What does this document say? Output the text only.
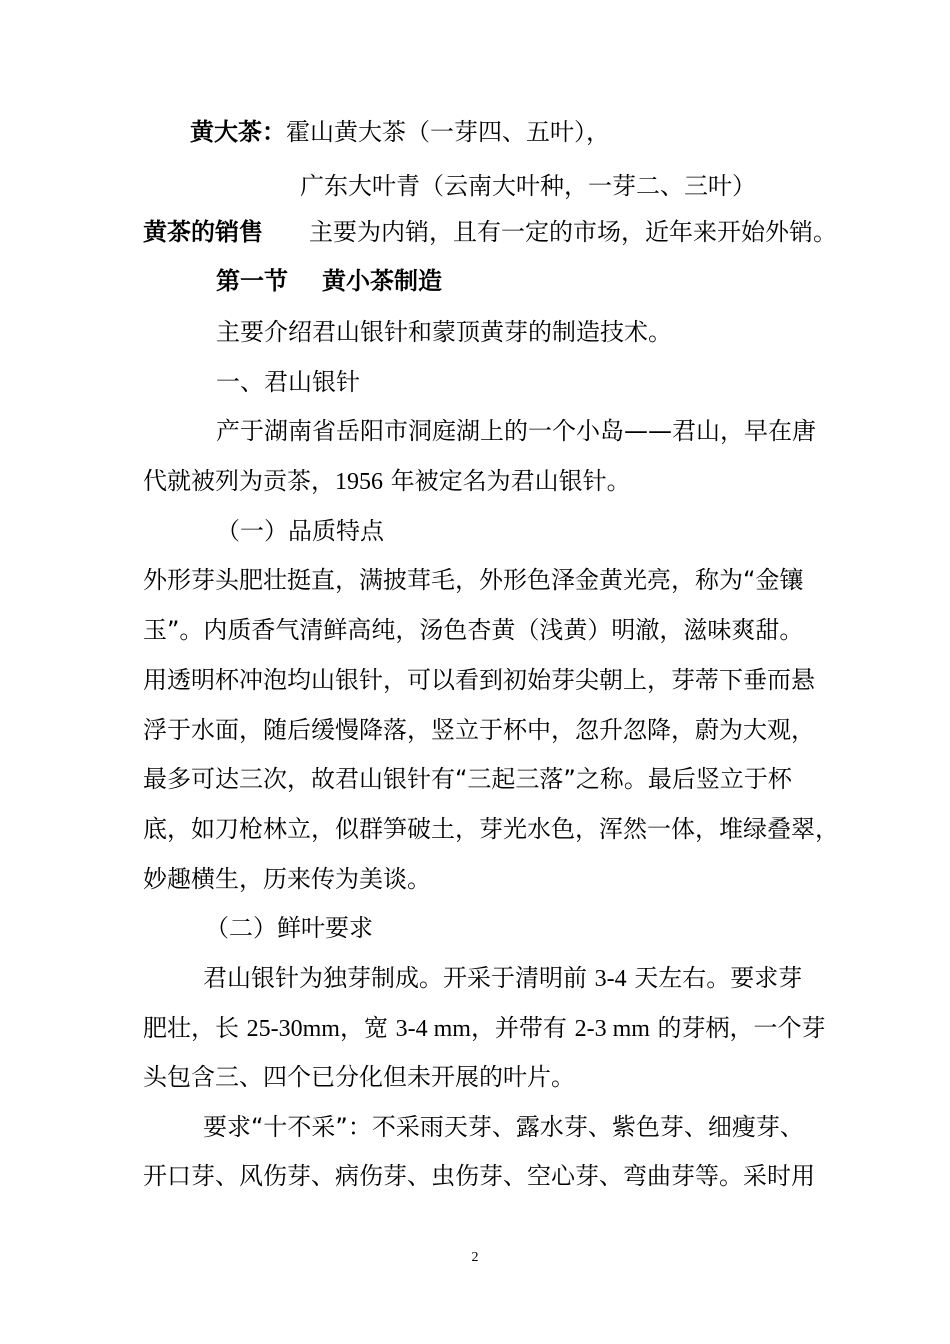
黄大茶：霍山黄大茶（一芽四、五叶），
广东大叶青（云南大叶种，一芽二、三叶）
黄茶的销售 主要为内销，且有一定的市场，近年来开始外销。
第一节 黄小茶制造
主要介绍君山银针和蒙顶黄芽的制造技术。
一、君山银针
产于湖南省岳阳市洞庭湖上的一个小岛——君山，早在唐
代就被列为贡茶，1956 年被定名为君山银针。
（一）品质特点
外形芽头肥壮挺直，满披茸毛，外形色泽金黄光亮，称为“金镶
玉”。内质香气清鲜高纯，汤色杏黄（浅黄）明澈，滋味爽甜。
用透明杯冲泡均山银针，可以看到初始芽尖朝上，芽蒂下垂而悬
浮于水面，随后缓慢降落，竖立于杯中，忽升忽降，蔚为大观，
最多可达三次，故君山银针有“三起三落”之称。最后竖立于杯
底，如刀枪林立，似群笋破土，芽光水色，浑然一体，堆绿叠翠，
妙趣横生，历来传为美谈。
（二）鲜叶要求
君山银针为独芽制成。开采于清明前 3-4 天左右。要求芽
肥壮，长 25-30mm，宽 3-4 mm，并带有 2-3 mm 的芽柄，一个芽
头包含三、四个已分化但未开展的叶片。
要求“十不采”：不采雨天芽、露水芽、紫色芽、细瘦芽、
开口芽、风伤芽、病伤芽、虫伤芽、空心芽、弯曲芽等。采时用
2
